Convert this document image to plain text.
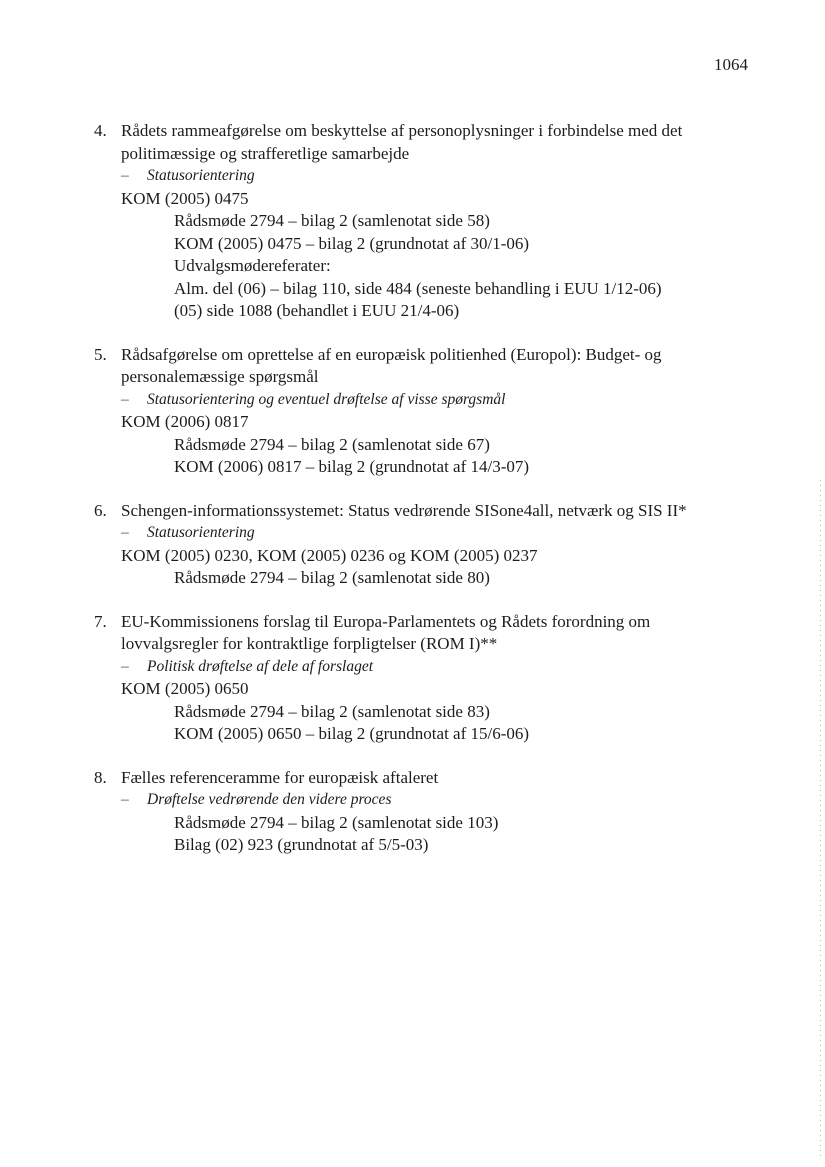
1064
4. Rådets rammeafgørelse om beskyttelse af personoplysninger i forbindelse med det
politimæssige og strafferetlige samarbejde
– Statusorientering
KOM (2005) 0475
Rådsmøde 2794 – bilag 2 (samlenotat side 58)
KOM (2005) 0475 – bilag 2 (grundnotat af 30/1-06)
Udvalgsmødereferater:
Alm. del (06) – bilag 110, side 484 (seneste behandling i EUU 1/12-06)
(05) side 1088 (behandlet i EUU 21/4-06)
5. Rådsafgørelse om oprettelse af en europæisk politienhed (Europol): Budget- og
personalemæssige spørgsmål
– Statusorientering og eventuel drøftelse af visse spørgsmål
KOM (2006) 0817
Rådsmøde 2794 – bilag 2 (samlenotat side 67)
KOM (2006) 0817 – bilag 2 (grundnotat af 14/3-07)
6. Schengen-informationssystemet: Status vedrørende SISone4all, netværk og SIS II*
– Statusorientering
KOM (2005) 0230, KOM (2005) 0236 og KOM (2005) 0237
Rådsmøde 2794 – bilag 2 (samlenotat side 80)
7. EU-Kommissionens forslag til Europa-Parlamentets og Rådets forordning om
lovvalgsregler for kontraktlige forpligtelser (ROM I)**
– Politisk drøftelse af dele af forslaget
KOM (2005) 0650
Rådsmøde 2794 – bilag 2 (samlenotat side 83)
KOM (2005) 0650 – bilag 2 (grundnotat af 15/6-06)
8. Fælles referenceramme for europæisk aftaleret
– Drøftelse vedrørende den videre proces
Rådsmøde 2794 – bilag 2 (samlenotat side 103)
Bilag (02) 923 (grundnotat af 5/5-03)
